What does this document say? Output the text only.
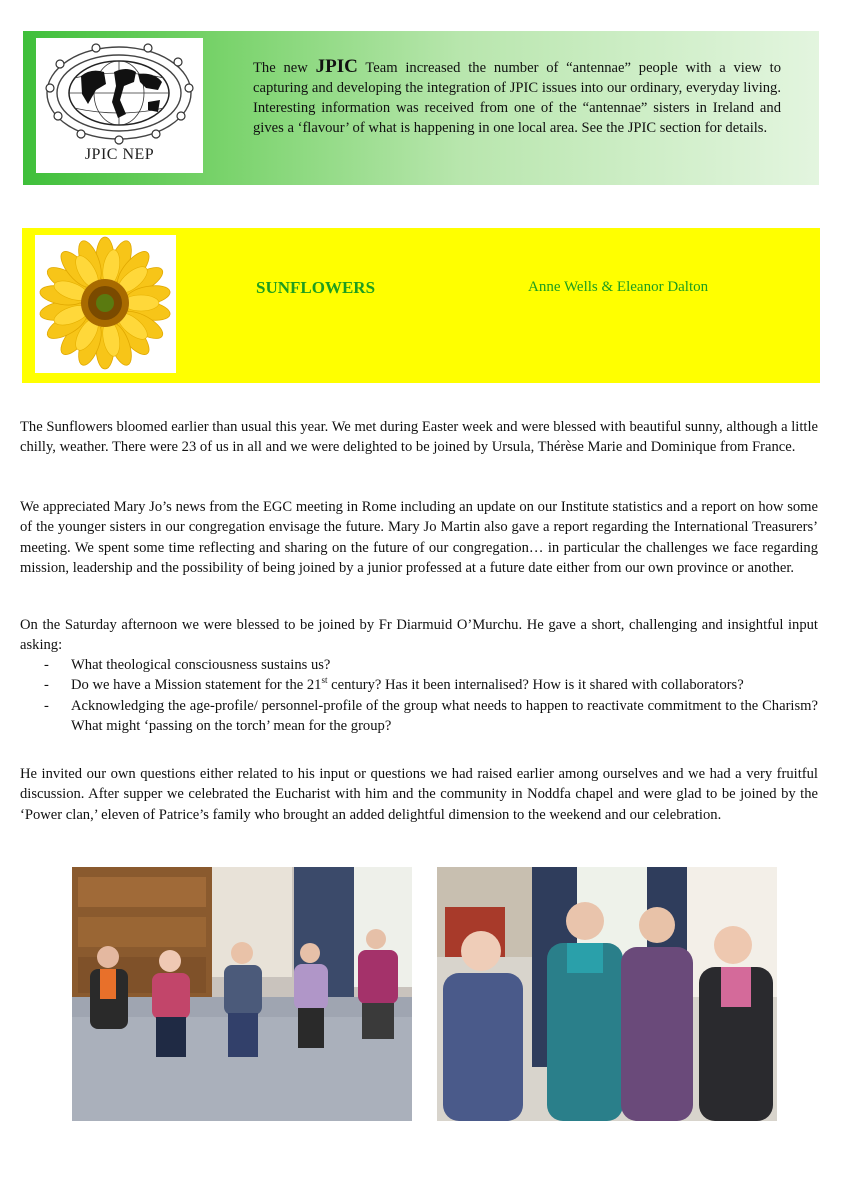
JPIC NEP
The new JPIC Team increased the number of “antennae” people with a view to capturing and developing the integration of JPIC issues into our ordinary, everyday living. Interesting information was received from one of the “antennae” sisters in Ireland and gives a ‘flavour’ of what is happening in one local area. See the JPIC section for details.
SUNFLOWERS	Anne Wells & Eleanor Dalton
The Sunflowers bloomed earlier than usual this year. We met during Easter week and were blessed with beautiful sunny, although a little chilly, weather. There were 23 of us in all and we were delighted to be joined by Ursula, Thérèse Marie and Dominique from France.
We appreciated Mary Jo’s news from the EGC meeting in Rome including an update on our Institute statistics and a report on how some of the younger sisters in our congregation envisage the future. Mary Jo Martin also gave a report regarding the International Treasurers’ meeting. We spent some time reflecting and sharing on the future of our congregation… in particular the challenges we face regarding mission, leadership and the possibility of being joined by a junior professed at a future date either from our own province or another.
On the Saturday afternoon we were blessed to be joined by Fr Diarmuid O’Murchu. He gave a short, challenging and insightful input asking:
- What theological consciousness sustains us?
- Do we have a Mission statement for the 21st century? Has it been internalised? How is it shared with collaborators?
- Acknowledging the age-profile/ personnel-profile of the group what needs to happen to reactivate commitment to the Charism? What might ‘passing on the torch’ mean for the group?
He invited our own questions either related to his input or questions we had raised earlier among ourselves and we had a very fruitful discussion. After supper we celebrated the Eucharist with him and the community in Noddfa chapel and were glad to be joined by the ‘Power clan,’ eleven of Patrice’s family who brought an added delightful dimension to the weekend and our celebration.
